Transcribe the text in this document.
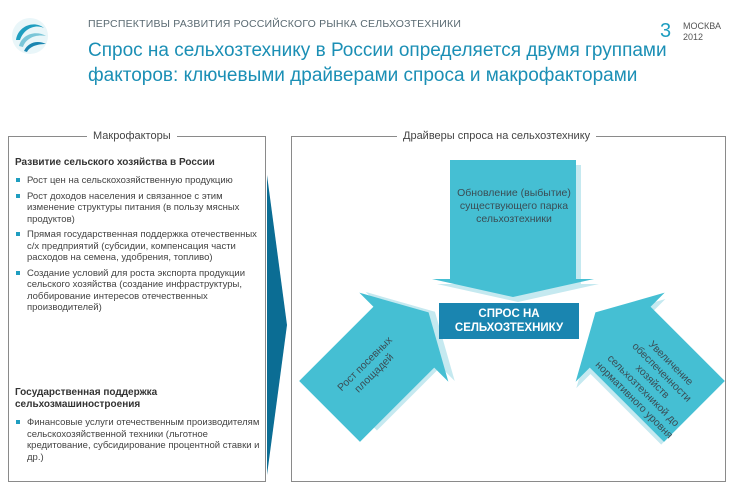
ПЕРСПЕКТИВЫ РАЗВИТИЯ РОССИЙСКОГО РЫНКА СЕЛЬХОЗТЕХНИКИ	3 МОСКВА
2012
Спрос на сельхозтехнику в России определяется двумя группами факторов: ключевыми драйверами спроса и макрофакторами
Макрофакторы
Развитие сельского хозяйства в России
Рост цен на сельскохозяйственную продукцию
Рост доходов населения и связанное с этим изменение структуры питания (в пользу мясных продуктов)
Прямая государственная поддержка отечественных с/х предприятий (субсидии, компенсация части расходов на семена, удобрения, топливо)
Создание условий для роста экспорта продукции сельского хозяйства (создание инфраструктуры, лоббирование интересов отечественных производителей)
Государственная поддержка сельхозмашиностроения
Финансовые услуги отечественным производителям сельскохозяйственной техники (льготное кредитование, субсидирование процентной ставки и др.)
Драйверы спроса на сельхозтехнику
Обновление (выбытие) существующего парка сельхозтехники
Рост посевных площадей	Увеличение обеспеченности хозяйств сельхозтехникой до нормативного уровня
СПРОС НА СЕЛЬХОЗТЕХНИКУ
